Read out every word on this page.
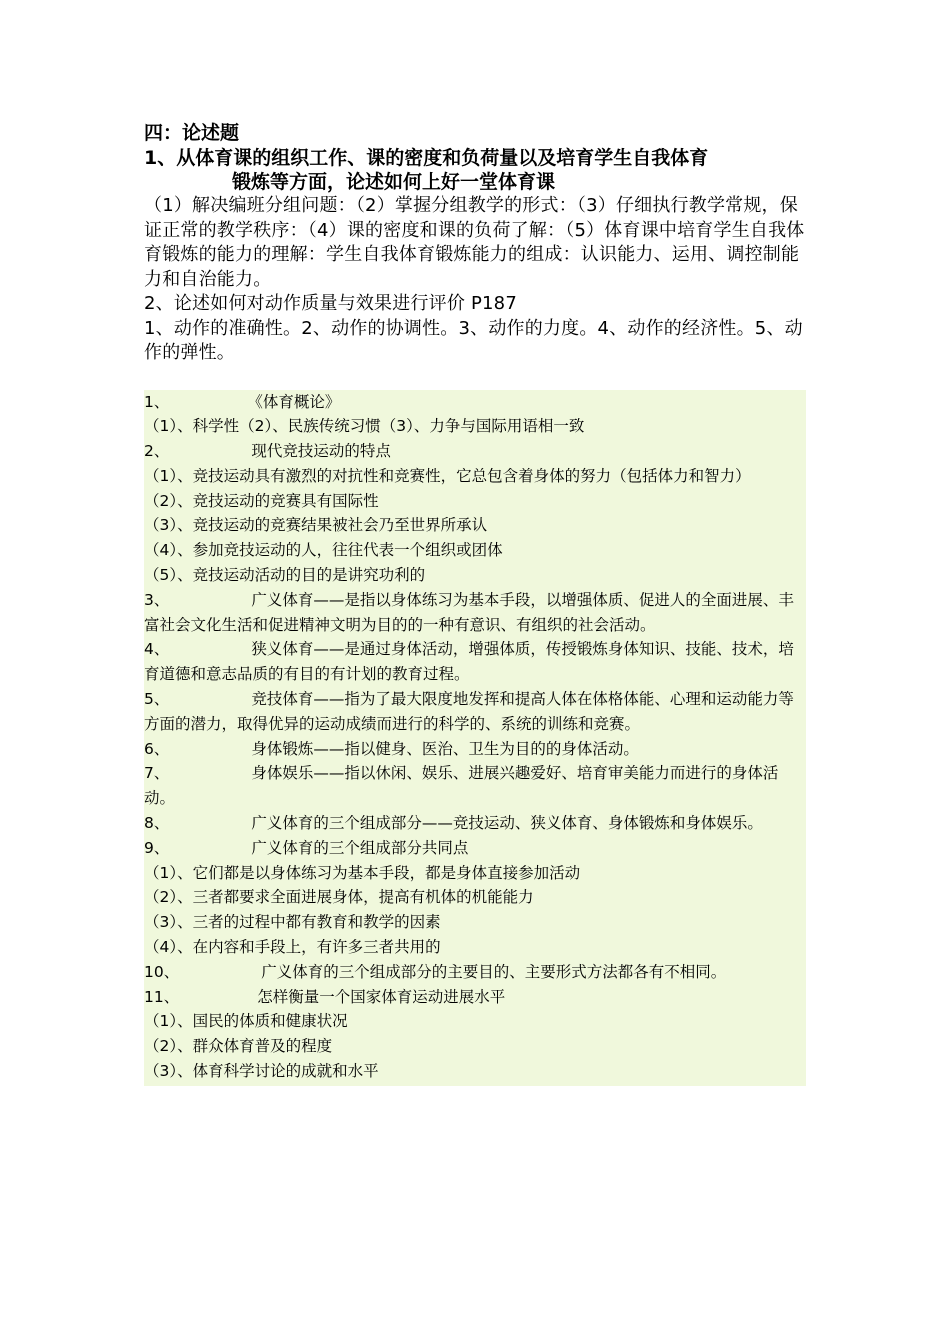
四：论述题

1、从体育课的组织工作、课的密度和负荷量以及培育学生自我体育
锻炼等方面，论述如何上好一堂体育课

（1）解决编班分组问题：（2）掌握分组教学的形式：（3）仔细执行教学常规，保证正常的教学秩序：（4）课的密度和课的负荷了解：（5）体育课中培育学生自我体育锻炼的能力的理解：学生自我体育锻炼能力的组成：认识能力、运用、调控制能力和自治能力。

2、论述如何对动作质量与效果进行评价 P187

1、动作的准确性。2、动作的协调性。3、动作的力度。4、动作的经济性。5、动作的弹性。

1、	《体育概论》

（1）、科学性（2）、民族传统习惯（3）、力争与国际用语相一致

2、	现代竞技运动的特点

（1）、竞技运动具有激烈的对抗性和竞赛性，它总包含着身体的努力（包括体力和智力）

（2）、竞技运动的竞赛具有国际性

（3）、竞技运动的竞赛结果被社会乃至世界所承认

（4）、参加竞技运动的人，往往代表一个组织或团体

（5）、竞技运动活动的目的是讲究功利的

3、	广义体育——是指以身体练习为基本手段，以增强体质、促进人的全面进展、丰富社会文化生活和促进精神文明为目的的一种有意识、有组织的社会活动。

4、	狭义体育——是通过身体活动，增强体质，传授锻炼身体知识、技能、技术，培育道德和意志品质的有目的有计划的教育过程。

5、	竞技体育——指为了最大限度地发挥和提高人体在体格体能、心理和运动能力等方面的潜力，取得优异的运动成绩而进行的科学的、系统的训练和竞赛。

6、	身体锻炼——指以健身、医治、卫生为目的的身体活动。

7、	身体娱乐——指以休闲、娱乐、进展兴趣爱好、培育审美能力而进行的身体活动。

8、	广义体育的三个组成部分——竞技运动、狭义体育、身体锻炼和身体娱乐。

9、	广义体育的三个组成部分共同点

（1）、它们都是以身体练习为基本手段，都是身体直接参加活动

（2）、三者都要求全面进展身体，提高有机体的机能能力

（3）、三者的过程中都有教育和教学的因素

（4）、在内容和手段上，有许多三者共用的

10、	广义体育的三个组成部分的主要目的、主要形式方法都各有不相同。

11、	怎样衡量一个国家体育运动进展水平

（1）、国民的体质和健康状况

（2）、群众体育普及的程度

（3）、体育科学讨论的成就和水平
